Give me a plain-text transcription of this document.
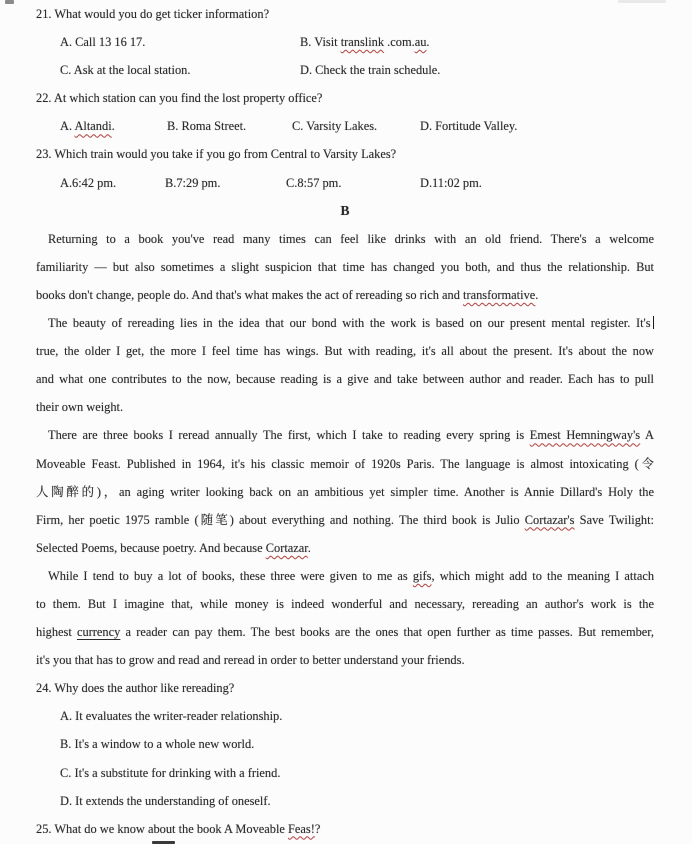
21. What would you do get ticker information?
A. Call 13 16 17.	B. Visit translink .com.au.
C. Ask at the local station.	D. Check the train schedule.
22. At which station can you find the lost property office?
A. Altandi.	B. Roma Street.	C. Varsity Lakes.	D. Fortitude Valley.
23. Which train would you take if you go from Central to Varsity Lakes?
A.6:42 pm.	B.7:29 pm.	C.8:57 pm.	D.11:02 pm.
B
Returning to a book you've read many times can feel like drinks with an old friend. There's a welcome
familiarity — but also sometimes a slight suspicion that time has changed you both, and thus the relationship. But
books don't change, people do. And that's what makes the act of rereading so rich and transformative.
The beauty of rereading lies in the idea that our bond with the work is based on our present mental register. It's
true, the older I get, the more I feel time has wings. But with reading, it's all about the present. It's about the now
and what one contributes to the now, because reading is a give and take between author and reader. Each has to pull
their own weight.
There are three books I reread annually The first, which I take to reading every spring is Emest Hemningway's A
Moveable Feast. Published in 1964, it's his classic memoir of 1920s Paris. The language is almost intoxicating (令
人陶醉的)，an aging writer looking back on an ambitious yet simpler time. Another is Annie Dillard's Holy the
Firm, her poetic 1975 ramble (随笔) about everything and nothing. The third book is Julio Cortazar's Save Twilight:
Selected Poems, because poetry. And because Cortazar.
While I tend to buy a lot of books, these three were given to me as gifs, which might add to the meaning I attach
to them. But I imagine that, while money is indeed wonderful and necessary, rereading an author's work is the
highest currency a reader can pay them. The best books are the ones that open further as time passes. But remember,
it's you that has to grow and read and reread in order to better understand your friends.
24. Why does the author like rereading?
A. It evaluates the writer-reader relationship.
B. It's a window to a whole new world.
C. It's a substitute for drinking with a friend.
D. It extends the understanding of oneself.
25. What do we know about the book A Moveable Feas!?
